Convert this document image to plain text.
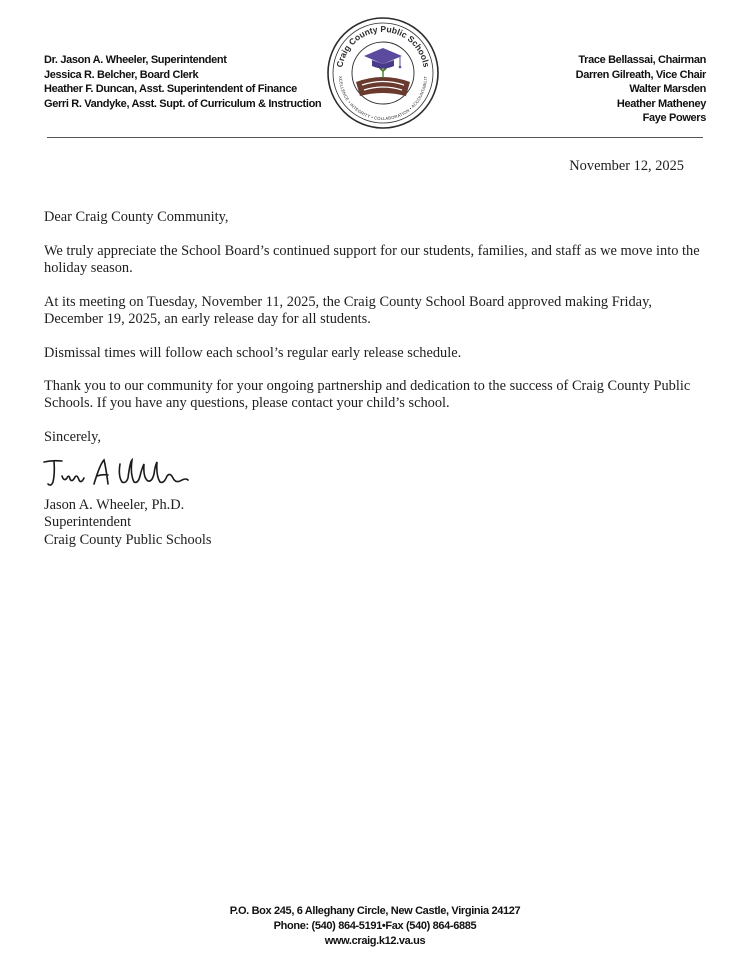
Dr. Jason A. Wheeler, Superintendent
Jessica R. Belcher, Board Clerk
Heather F. Duncan, Asst. Superintendent of Finance
Gerri R. Vandyke, Asst. Supt. of Curriculum & Instruction
Craig County Public Schools
XCELLENCE • INTEGRITY • COLLABORATION • ACCOUNTABILIT
Trace Bellassai, Chairman
Darren Gilreath, Vice Chair
Walter Marsden
Heather Matheney
Faye Powers
November 12, 2025
Dear Craig County Community,
We truly appreciate the School Board’s continued support for our students, families, and staff as we move into the holiday season.
At its meeting on Tuesday, November 11, 2025, the Craig County School Board approved making Friday, December 19, 2025, an early release day for all students.
Dismissal times will follow each school’s regular early release schedule.
Thank you to our community for your ongoing partnership and dedication to the success of Craig County Public Schools. If you have any questions, please contact your child’s school.
Sincerely,
Jason A. Wheeler, Ph.D.
Superintendent
Craig County Public Schools
P.O. Box 245, 6 Alleghany Circle, New Castle, Virginia 24127
Phone: (540) 864-5191•Fax (540) 864-6885
www.craig.k12.va.us
